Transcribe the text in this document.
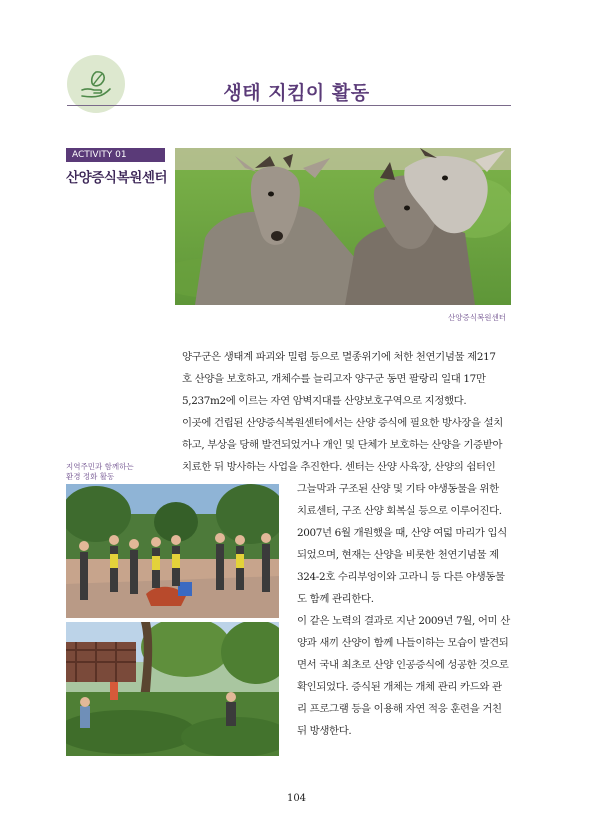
생태 지킴이 활동
ACTIVITY 01
산양증식복원센터
산양증식복원센터
지역주민과 함께하는
환경 정화 활동
양구군은 생태계 파괴와 밀렵 등으로 멸종위기에 처한 천연기념물 제217
호 산양을 보호하고, 개체수를 늘리고자 양구군 동면 팔랑리 일대 17만
5,237m2에 이르는 자연 암벽지대를 산양보호구역으로 지정했다.
이곳에 건립된 산양증식복원센터에서는 산양 증식에 필요한 방사장을 설치
하고, 부상을 당해 발견되었거나 개인 및 단체가 보호하는 산양을 기증받아
치료한 뒤 방사하는 사업을 추진한다. 센터는 산양 사육장, 산양의 쉼터인
그늘막과 구조된 산양 및 기타 야생동물을 위한
치료센터, 구조 산양 회복실 등으로 이루어진다.
2007년 6월 개원했을 때, 산양 여덟 마리가 입식
되었으며, 현재는 산양을 비롯한 천연기념물 제
324-2호 수리부엉이와 고라니 등 다른 야생동물
도 함께 관리한다.
이 같은 노력의 결과로 지난 2009년 7월, 어미 산
양과 새끼 산양이 함께 나들이하는 모습이 발견되
면서 국내 최초로 산양 인공증식에 성공한 것으로
확인되었다. 증식된 개체는 개체 관리 카드와 관
리 프로그램 등을 이용해 자연 적응 훈련을 거친
뒤 방생한다.
104
